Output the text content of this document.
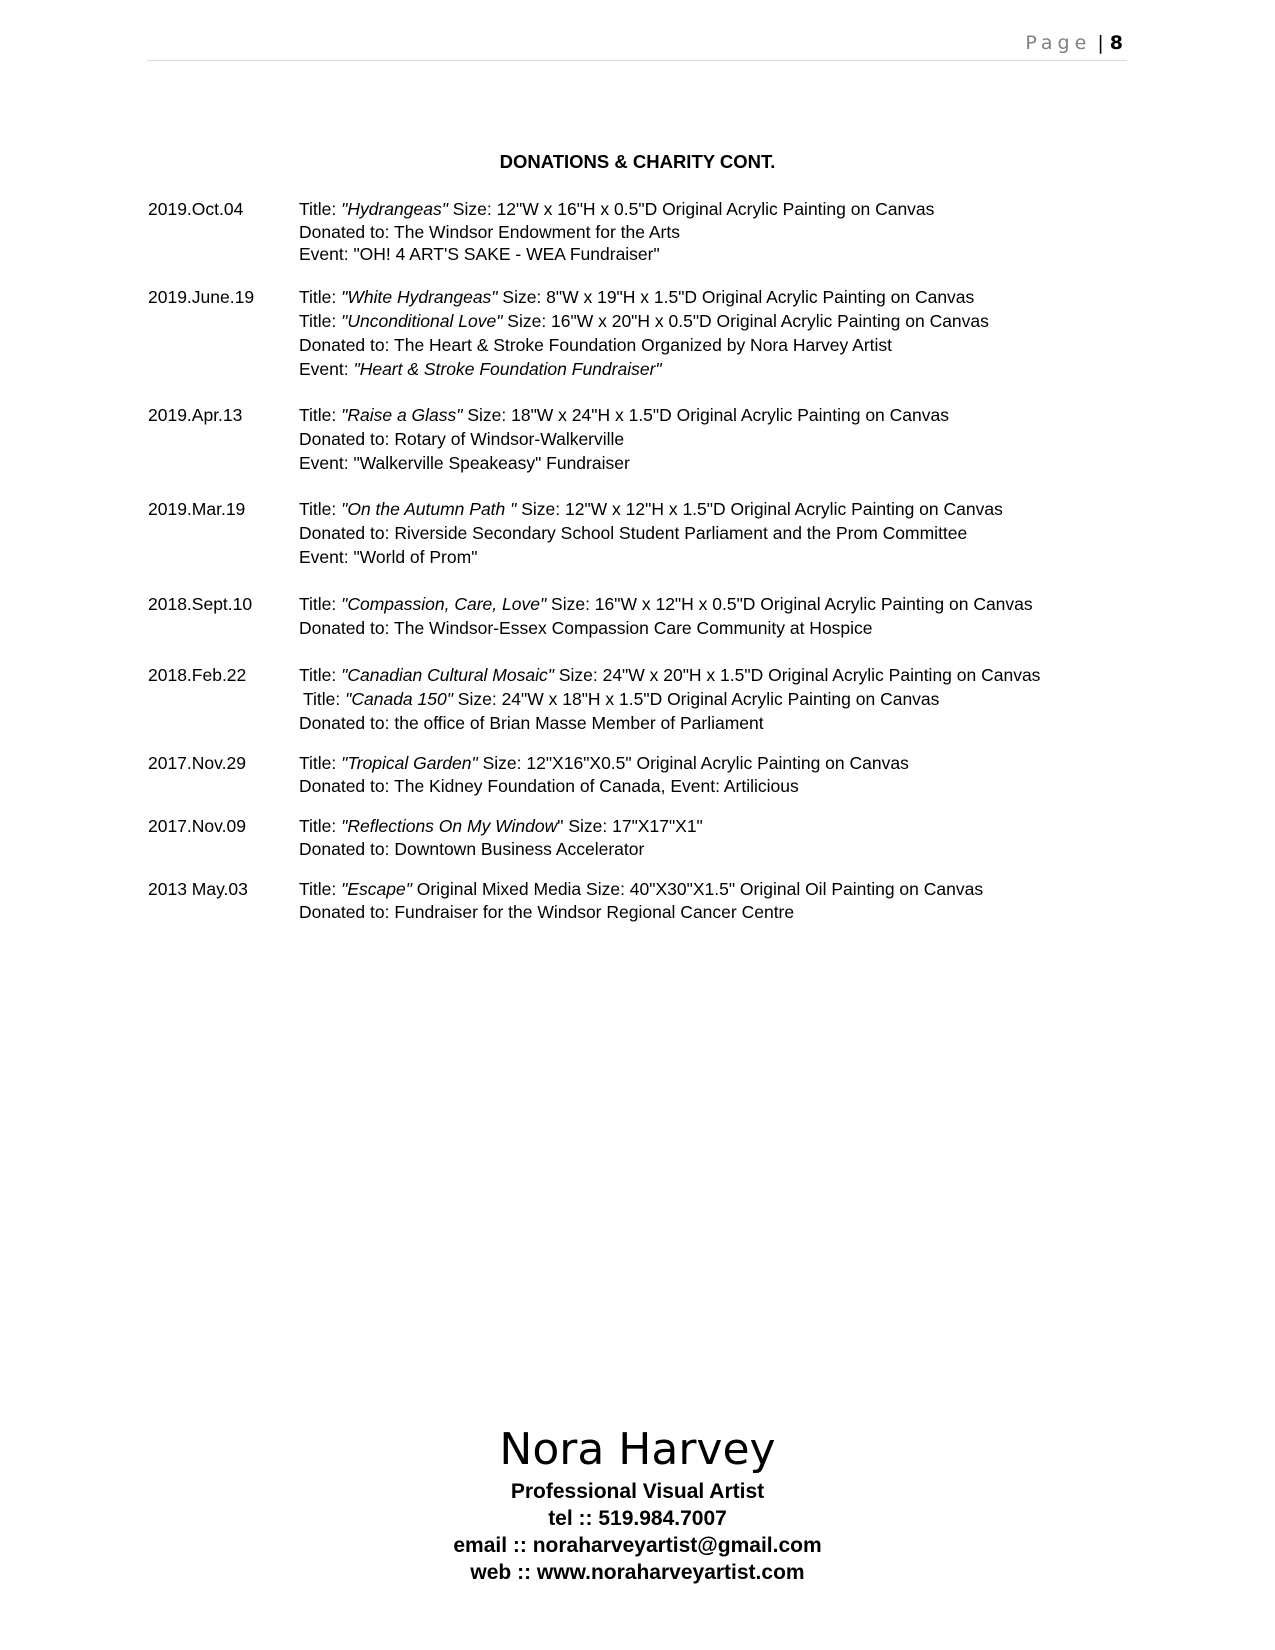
Page | 8
DONATIONS & CHARITY CONT.
2019.Oct.04	Title: "Hydrangeas" Size: 12"W x 16"H x 0.5"D Original Acrylic Painting on Canvas
Donated to: The Windsor Endowment for the Arts
Event: "OH! 4 ART'S SAKE - WEA Fundraiser"
2019.June.19	Title: "White Hydrangeas" Size: 8"W x 19"H x 1.5"D Original Acrylic Painting on Canvas
Title: "Unconditional Love" Size: 16"W x 20"H x 0.5"D Original Acrylic Painting on Canvas
Donated to: The Heart & Stroke Foundation Organized by Nora Harvey Artist
Event: "Heart & Stroke Foundation Fundraiser"
2019.Apr.13	Title: "Raise a Glass" Size: 18"W x 24"H x 1.5"D Original Acrylic Painting on Canvas
Donated to: Rotary of Windsor-Walkerville
Event: "Walkerville Speakeasy" Fundraiser
2019.Mar.19	Title: "On the Autumn Path " Size: 12"W x 12"H x 1.5"D Original Acrylic Painting on Canvas
Donated to: Riverside Secondary School Student Parliament and the Prom Committee
Event: "World of Prom"
2018.Sept.10	Title: "Compassion, Care, Love" Size: 16"W x 12"H x 0.5"D Original Acrylic Painting on Canvas
Donated to: The Windsor-Essex Compassion Care Community at Hospice
2018.Feb.22	Title: "Canadian Cultural Mosaic" Size: 24"W x 20"H x 1.5"D Original Acrylic Painting on Canvas
Title: "Canada 150" Size: 24"W x 18"H x 1.5"D Original Acrylic Painting on Canvas
Donated to: the office of Brian Masse Member of Parliament
2017.Nov.29	Title: "Tropical Garden" Size: 12"X16"X0.5" Original Acrylic Painting on Canvas
Donated to: The Kidney Foundation of Canada, Event: Artilicious
2017.Nov.09	Title: "Reflections On My Window" Size: 17"X17"X1"
Donated to: Downtown Business Accelerator
2013 May.03	Title: "Escape" Original Mixed Media Size: 40"X30"X1.5" Original Oil Painting on Canvas
Donated to: Fundraiser for the Windsor Regional Cancer Centre
Nora Harvey
Professional Visual Artist
tel :: 519.984.7007
email :: noraharveyartist@gmail.com
web :: www.noraharveyartist.com
